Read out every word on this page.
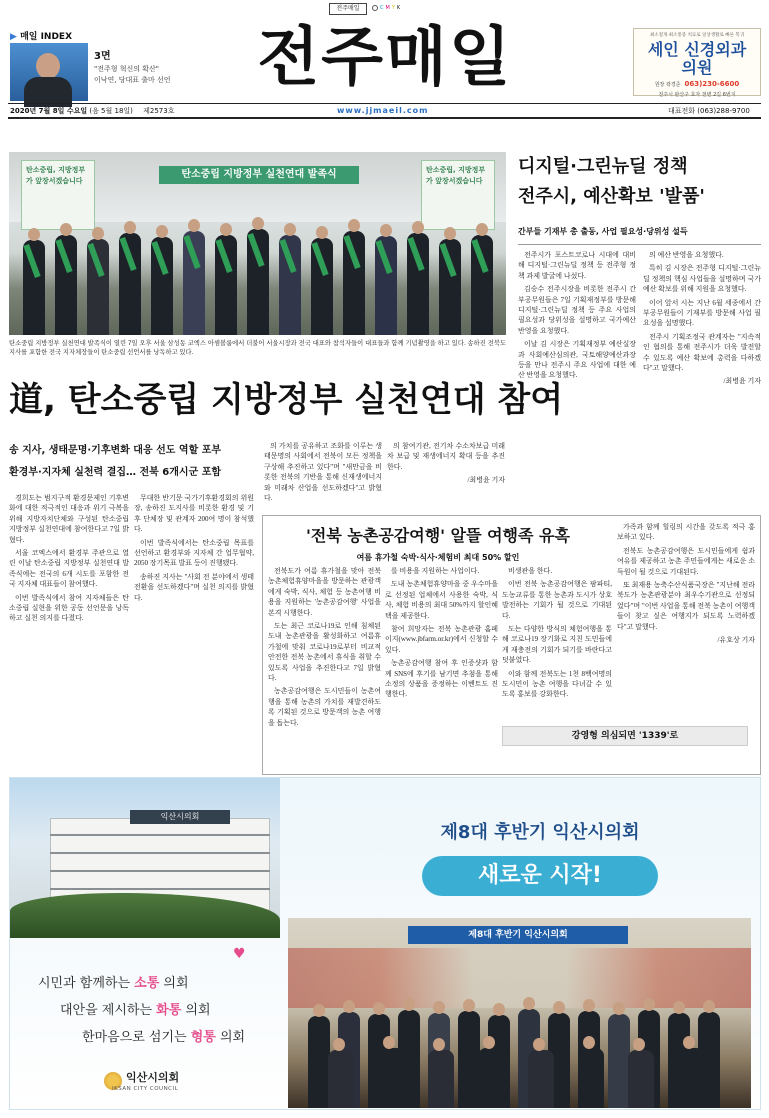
전주매일	C M Y K
▶ 매일 INDEX
3면
"전주형 혁신의 확산"
이낙연, 당대표 출마 선언 전주매일	최소절개·최소통증 치료로 일상생활로 빠른 복귀
세인 신경외과 의원
원장 곽경준 063)230-6600
전주시 완산구 효자 천변 2길 6번지
2020년 7월 8일 수요일 (음 5월 18일) 제2573호	www.jjmaeil.com	대표전화 (063)288-9700
탄소중립 지방정부 실천연대 발족식
탄소중립, 지방정부가 앞장서겠습니다
탄소중립, 지방정부가 앞장서겠습니다
탄소중립 지방정부 실천연대 발족식이 열린 7일 오후 서울 삼성동 코엑스 아셈볼룸에서 더불어 서울시장과 전국 대표와 참석자들이 대표들과 함께 기념촬영을 하고 있다. 송하진 전북도지사를 포함한 전국 지자체장들이 탄소중립 선언서를 낭독하고 있다.
道, 탄소중립 지방정부 실천연대 참여
송 지사, 생태문명·기후변화 대응 선도 역할 포부
환경부·지자체 실천력 결집… 전북 6개시군 포함

의 가치를 공유하고 조화를 이루는 생태문명의 사회에서 전북이 모든 정책을 구상해 추진하고 있다"며 "새만금을 비롯한 전북의 기반을 통해 신재생에너지와 미래차 산업을 선도하겠다"고 밝혔다.

의 참여기관, 전기차 수소차보급 미래차 보급 및 재생에너지 확대 등을 추진한다.

/최병윤 기자

경희도는 범지구적 환경문제인 기후변화에 대한 적극적인 대응과 위기 극복을 위해 지방자치단체와 구성된 탄소중립 지방정부 실천연대에 참여한다고 7일 밝혔다.

서울 코엑스에서 환경부 주관으로 열린 이날 탄소중립 지방정부 실천연대 발족식에는 전국의 6개 시도를 포함한 전국 지자체 대표들이 참여했다.

이번 발족식에서 참여 지자체들은 탄소중립 실현을 위한 공동 선언문을 낭독하고 실천 의지를 다졌다.

무대한 반기문 국가기후환경회의 위원장, 송하진 도지사를 비롯한 환경 및 기후 단체장 및 관계자 200여 명이 참석했다.

이번 발족식에서는 탄소중립 목표를 선언하고 환경부와 지자체 간 업무협약, 2050 장기목표 발표 등이 진행됐다.

송하진 지사는 "사회 전 분야에서 생태 전환을 선도하겠다"며 실천 의지를 밝혔다.

디지털·그린뉴딜 정책
전주시, 예산확보 '발품'
간부들 기재부 총 출동, 사업 필요성·당위성 설득

전주시가 포스트코로나 시대에 대비해 디지털·그린뉴딜 정책 등 전주형 정책 과제 발굴에 나섰다.

김승수 전주시장을 비롯한 전주시 간부공무원들은 7일 기획재정부를 방문해 디지털·그린뉴딜 정책 등 주요 사업의 필요성과 당위성을 설명하고 국가예산 반영을 요청했다.

이날 김 시장은 기획재정부 예산실장과 사회예산심의관, 국토해양예산과장 등을 만나 전주시 주요 사업에 대한 예산 반영을 요청했다.

의 예산 반영을 요청했다.

특히 김 시장은 전주형 디지털·그린뉴딜 정책의 핵심 사업들을 설명하며 국가예산 확보를 위해 지원을 요청했다.

이어 앞서 시는 지난 6월 세종에서 간부공무원들이 기재부를 방문해 사업 필요성을 설명했다.

전주시 기획조정국 관계자는 "지속적인 협의를 통해 전주시가 더욱 발전할 수 있도록 예산 확보에 총력을 다하겠다"고 말했다.

/최병윤 기자

'전북 농촌공감여행' 알뜰 여행족 유혹
여름 휴가철 숙박·식사·체험비 최대 50% 할인

전북도가 여름 휴가철을 맞아 전북 농촌체험휴양마을을 방문하는 관광객에게 숙박, 식사, 체험 등 농촌여행 비용을 지원하는 '농촌공감여행' 사업을 본격 시행한다.

도는 최근 코로나19로 인해 침체된 도내 농촌관광을 활성화하고 여름휴가철에 맞춰 코로나19로부터 비교적 안전한 전북 농촌에서 휴식을 취할 수 있도록 사업을 추진한다고 7일 밝혔다.

농촌공감여행은 도시민들이 농촌여행을 통해 농촌의 가치를 재발견하도록 기획된 것으로 방문객의 농촌 여행을 돕는다.

를 비용을 지원하는 사업이다.

도내 농촌체험휴양마을 중 우수마을로 선정된 업체에서 사용한 숙박, 식사, 체험 비용의 최대 50%까지 할인혜택을 제공한다.

참여 희망자는 전북 농촌관광 홈페이지(www.jbfarm.or.kr)에서 신청할 수 있다.

농촌공감여행 참여 후 인증샷과 함께 SNS에 후기를 남기면 추첨을 통해 소정의 상품을 증정하는 이벤트도 진행한다.

비생관을 한다.

이번 전북 농촌공감여행은 팜파티, 도농교류를 통한 농촌과 도시가 상호 발전하는 기회가 될 것으로 기대된다.

도는 다양한 방식의 체험여행을 통해 코로나19 장기화로 지친 도민들에게 재충전의 기회가 되기를 바란다고 덧붙였다.

이와 함께 전북도는 1천 8백여명의 도시민이 농촌 여행을 다녀갈 수 있도록 홍보를 강화한다.

가족과 함께 힐링의 시간을 갖도록 적극 홍보하고 있다.

전북도 농촌공감여행은 도시민들에게 쉼과 여유를 제공하고 농촌 주민들에게는 새로운 소득원이 될 것으로 기대된다.

또 최재용 농축수산식품국장은 "지난해 전라북도가 농촌관광분야 최우수기관으로 선정되었다"며 "이번 사업을 통해 전북 농촌이 여행객들이 찾고 싶은 여행지가 되도록 노력하겠다"고 말했다.

/유호상 기자

강영형 의심되면 '1339'로
익산시의회
제8대 후반기 익산시의회
새로운 시작!
제8대 후반기 익산시의회
시민과 함께하는 소통 의회
대안을 제시하는 화통 의회
한마음으로 섬기는 형통 의회
♥
익산시의회
IKSAN CITY COUNCIL
